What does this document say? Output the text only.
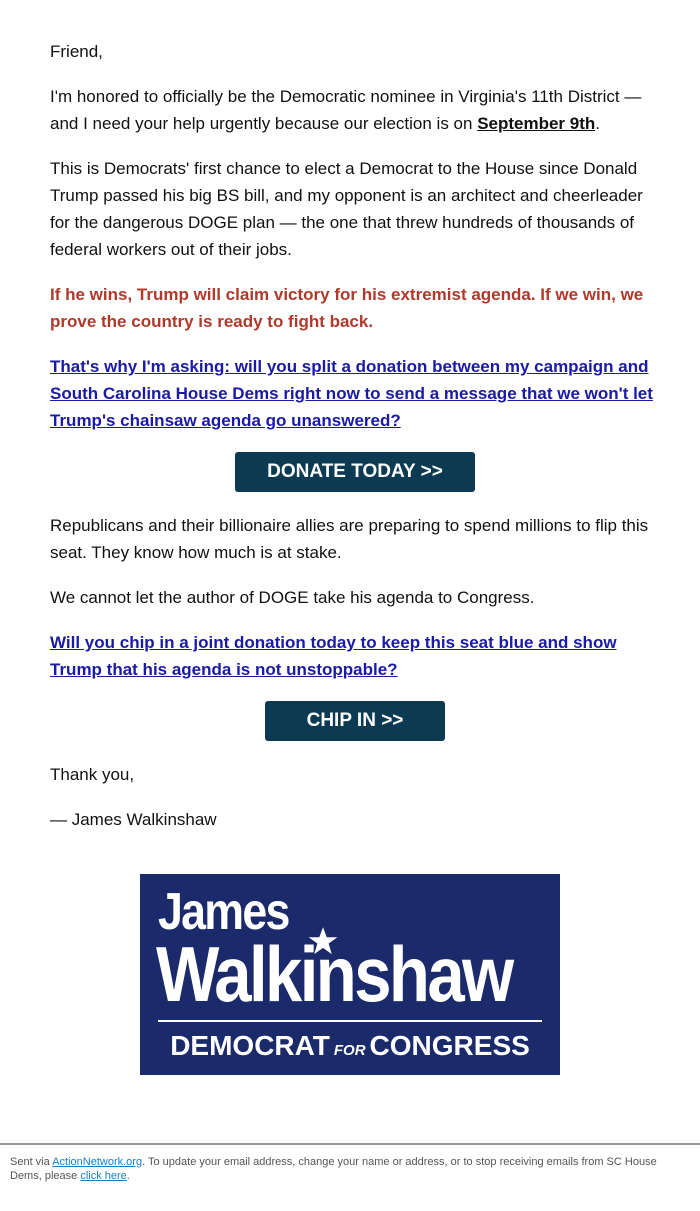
Friend,

I'm honored to officially be the Democratic nominee in Virginia's 11th District — and I need your help urgently because our election is on September 9th.

This is Democrats' first chance to elect a Democrat to the House since Donald Trump passed his big BS bill, and my opponent is an architect and cheerleader for the dangerous DOGE plan — the one that threw hundreds of thousands of federal workers out of their jobs.

If he wins, Trump will claim victory for his extremist agenda. If we win, we prove the country is ready to fight back.

That's why I'm asking: will you split a donation between my campaign and South Carolina House Dems right now to send a message that we won't let Trump's chainsaw agenda go unanswered?

DONATE TODAY >>

Republicans and their billionaire allies are preparing to spend millions to flip this seat. They know how much is at stake.

We cannot let the author of DOGE take his agenda to Congress.

Will you chip in a joint donation today to keep this seat blue and show Trump that his agenda is not unstoppable?

CHIP IN >>

Thank you,

— James Walkinshaw

James
Walkinshaw
DEMOCRAT FOR CONGRESS
Sent via ActionNetwork.org. To update your email address, change your name or address, or to stop receiving emails from SC House Dems, please click here.
